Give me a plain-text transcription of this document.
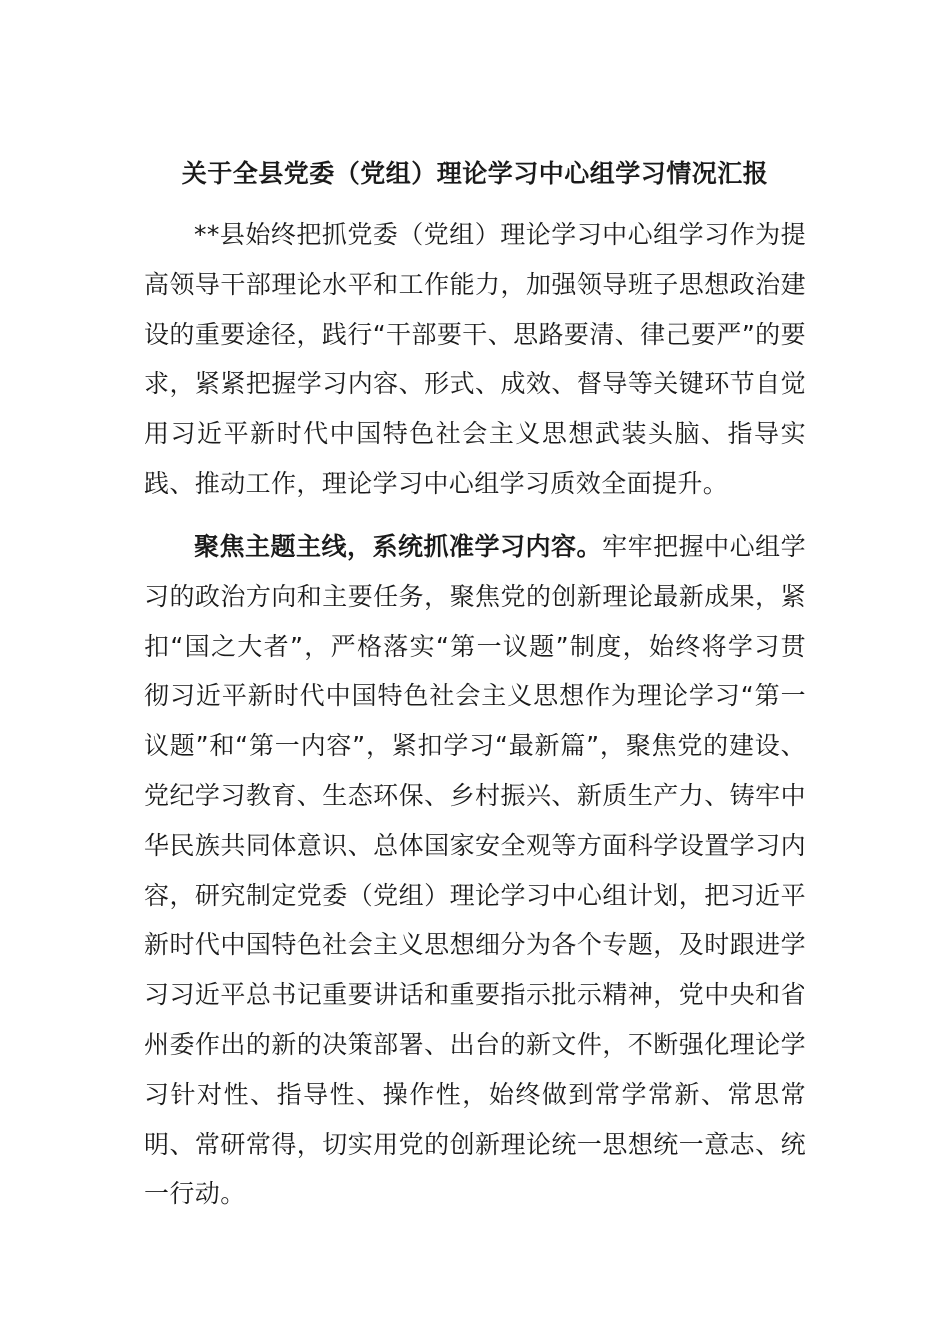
关于全县党委（党组）理论学习中心组学习情况汇报

**县始终把抓党委（党组）理论学习中心组学习作为提高领导干部理论水平和工作能力，加强领导班子思想政治建设的重要途径，践行“干部要干、思路要清、律己要严”的要求，紧紧把握学习内容、形式、成效、督导等关键环节自觉用习近平新时代中国特色社会主义思想武装头脑、指导实践、推动工作，理论学习中心组学习质效全面提升。

聚焦主题主线，系统抓准学习内容。牢牢把握中心组学习的政治方向和主要任务，聚焦党的创新理论最新成果，紧扣“国之大者”，严格落实“第一议题”制度，始终将学习贯彻习近平新时代中国特色社会主义思想作为理论学习“第一议题”和“第一内容”，紧扣学习“最新篇”，聚焦党的建设、党纪学习教育、生态环保、乡村振兴、新质生产力、铸牢中华民族共同体意识、总体国家安全观等方面科学设置学习内容，研究制定党委（党组）理论学习中心组计划，把习近平新时代中国特色社会主义思想细分为各个专题，及时跟进学习习近平总书记重要讲话和重要指示批示精神，党中央和省州委作出的新的决策部署、出台的新文件，不断强化理论学习针对性、指导性、操作性，始终做到常学常新、常思常明、常研常得，切实用党的创新理论统一思想统一意志、统一行动。
